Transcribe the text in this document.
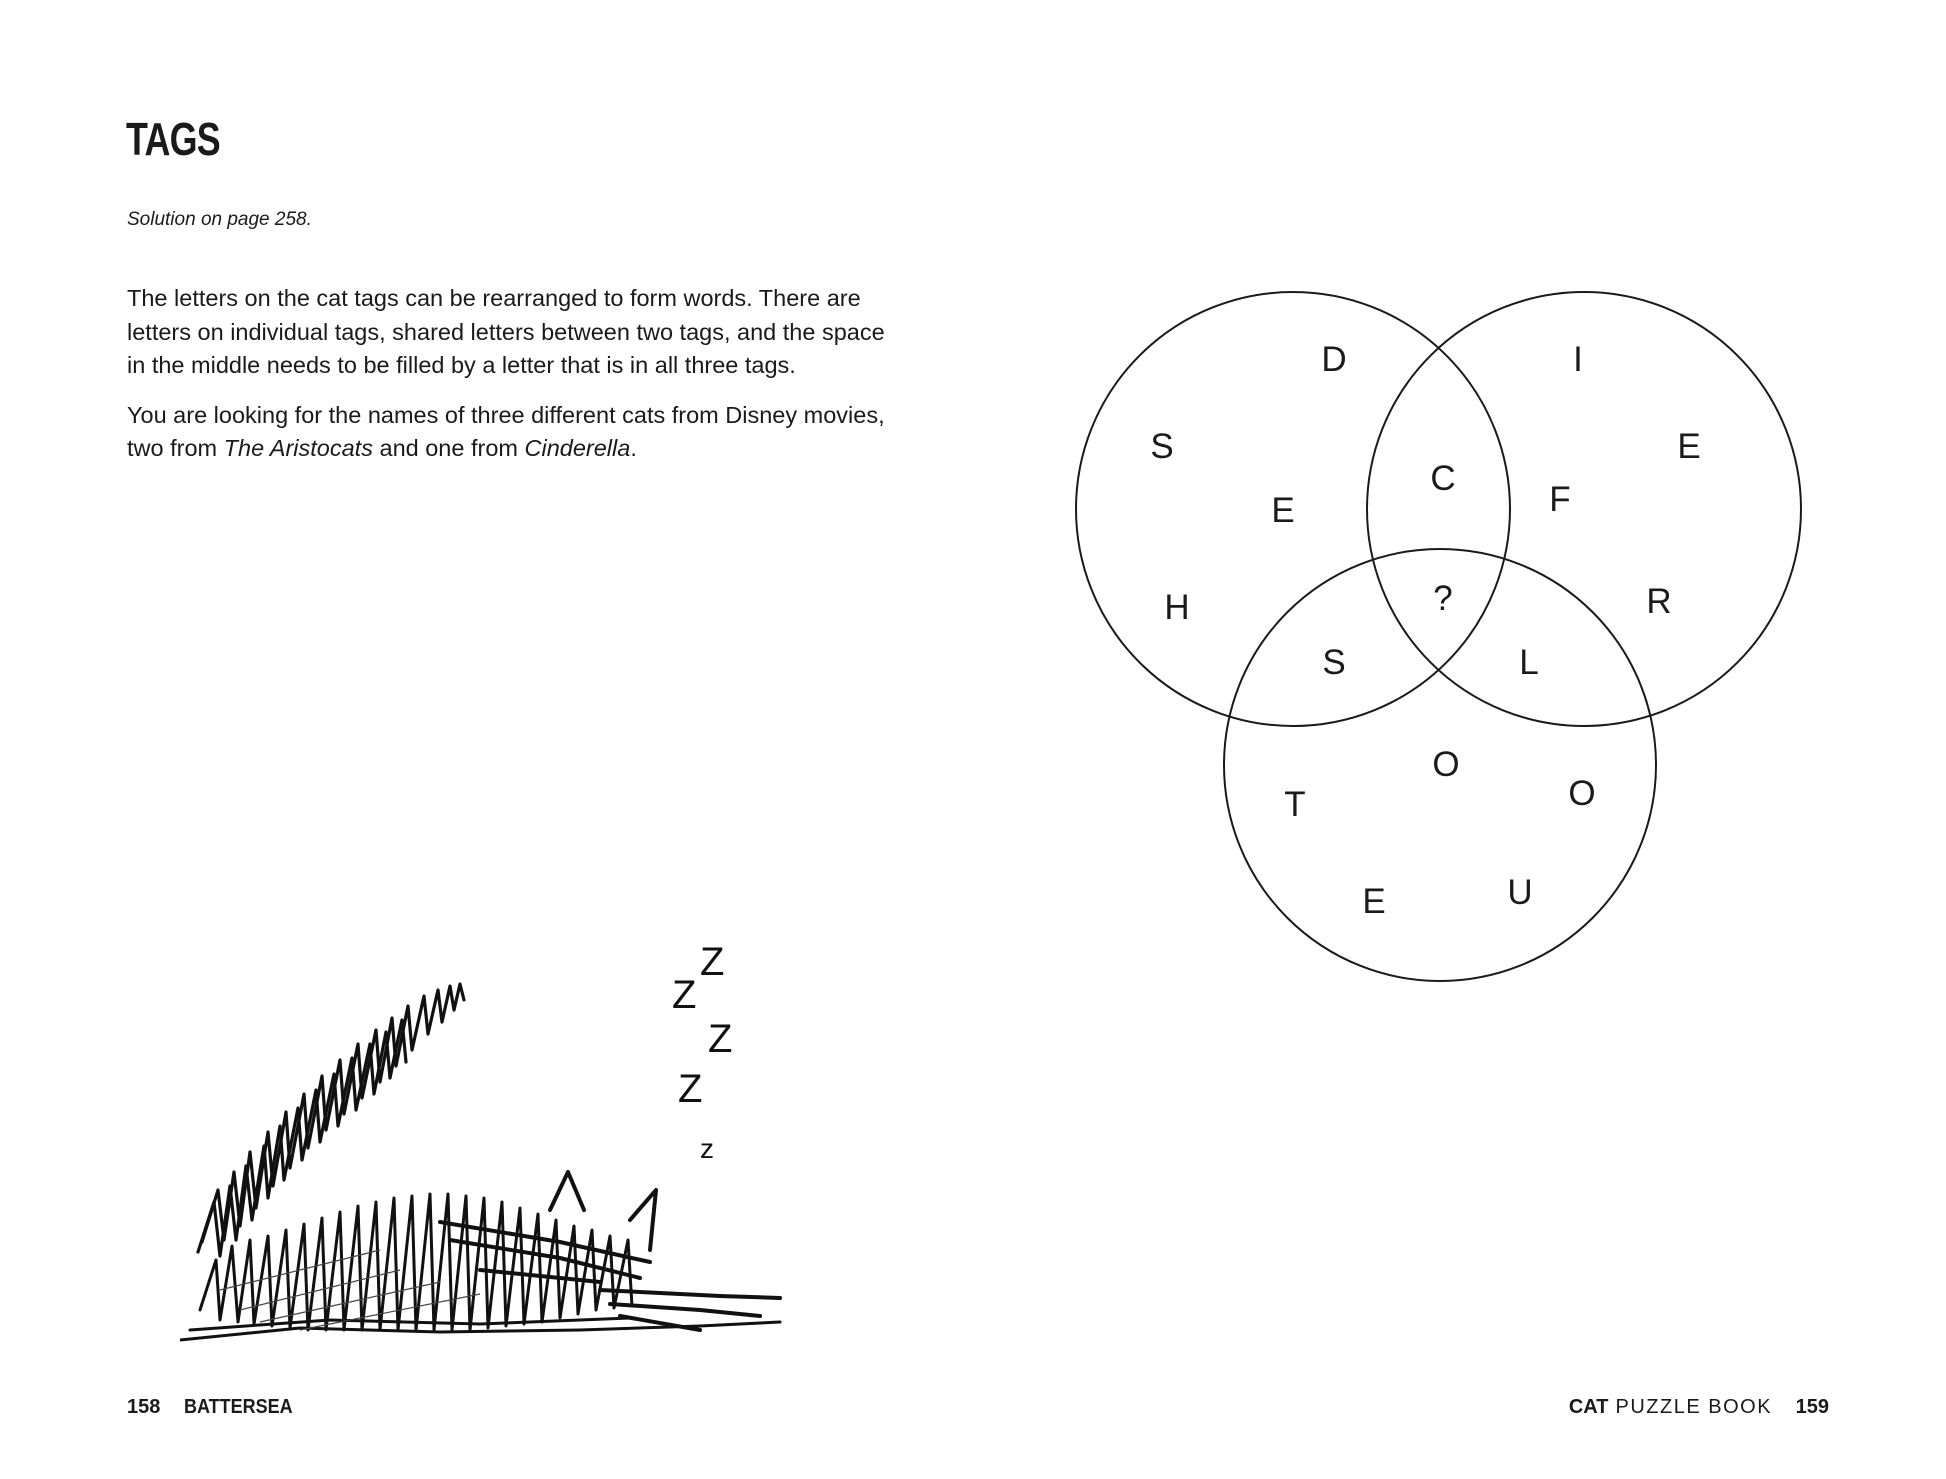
TAGS
Solution on page 258.

The letters on the cat tags can be rearranged to form words. There are letters on individual tags, shared letters between two tags, and the space in the middle needs to be filled by a letter that is in all three tags.

You are looking for the names of three different cats from Disney movies, two from The Aristocats and one from Cinderella.

Z
Z
Z
Z
z
158 BATTERSEA
D
S
E
H
C
?
I
E
F
R
S	L
O
T	O
E	U
CAT PUZZLE BOOK 159
